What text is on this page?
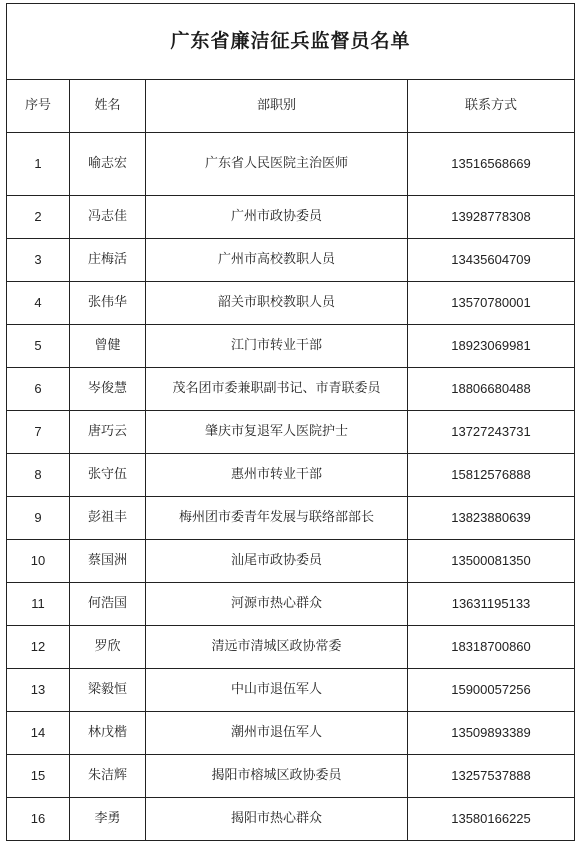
广东省廉洁征兵监督员名单			
序号	姓名	部职别	联系方式
1	喻志宏	广东省人民医院主治医师	13516568669
2	冯志佳	广州市政协委员	13928778308
3	庄梅活	广州市高校教职人员	13435604709
4	张伟华	韶关市职校教职人员	13570780001
5	曾健	江门市转业干部	18923069981
6	岑俊慧	茂名团市委兼职副书记、市青联委员	18806680488
7	唐巧云	肇庆市复退军人医院护士	13727243731
8	张守伍	惠州市转业干部	15812576888
9	彭祖丰	梅州团市委青年发展与联络部部长	13823880639
10	蔡国洲	汕尾市政协委员	13500081350
11	何浩国	河源市热心群众	13631195133
12	罗欣	清远市清城区政协常委	18318700860
13	梁毅恒	中山市退伍军人	15900057256
14	林戊楷	潮州市退伍军人	13509893389
15	朱洁辉	揭阳市榕城区政协委员	13257537888
16	李勇	揭阳市热心群众	13580166225
